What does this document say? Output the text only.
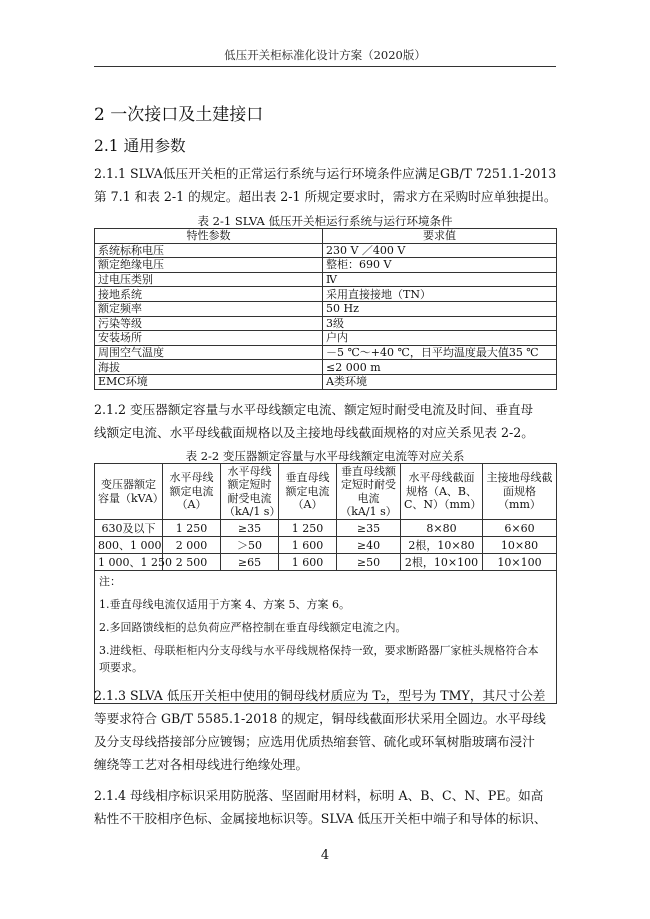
低压开关柜标准化设计方案（2020版）
2 一次接口及土建接口
2.1 通用参数
2.1.1 SLVA低压开关柜的正常运行系统与运行环境条件应满足GB/T 7251.1-2013
第 7.1 和表 2-1 的规定。超出表 2-1 所规定要求时，需求方在采购时应单独提出。
表 2-1 SLVA 低压开关柜运行系统与运行环境条件
特性参数	要求值
系统标称电压	230 V ／400 V
额定绝缘电压	整柜：690 V
过电压类别	Ⅳ
接地系统	采用直接接地（TN）
额定频率	50 Hz
污染等级	3级
安装场所	户内
周围空气温度	－5 ℃～+40 ℃，日平均温度最大值35 ℃
海拔	≤2 000 m
EMC环境	A类环境
2.1.2 变压器额定容量与水平母线额定电流、额定短时耐受电流及时间、垂直母
线额定电流、水平母线截面规格以及主接地母线截面规格的对应关系见表 2-2。
表 2-2 变压器额定容量与水平母线额定电流等对应关系
变压器额定容量（kVA）	水平母线额定电流（A）	水平母线额定短时耐受电流（kA/1 s）	垂直母线额定电流（A）	垂直母线额定短时耐受电流（kA/1 s）	水平母线截面规格（A、B、C、N）（mm）	主接地母线截面规格（mm）
630及以下	1 250	≥35	1 250	≥35	8×80	6×60
800、1 000	2 000	＞50	1 600	≥40	2根，10×80	10×80
1 000、1 250	2 500	≥65	1 600	≥50	2根，10×100	10×100

注：
1.垂直母线电流仅适用于方案 4、方案 5、方案 6。
2.多回路馈线柜的总负荷应严格控制在垂直母线额定电流之内。
3.进线柜、母联柜柜内分支母线与水平母线规格保持一致，要求断路器厂家桩头规格符合本
项要求。						
2.1.3 SLVA 低压开关柜中使用的铜母线材质应为 T₂，型号为 TMY，其尺寸公差
等要求符合 GB/T 5585.1-2018 的规定，铜母线截面形状采用全圆边。水平母线
及分支母线搭接部分应镀锡；应选用优质热缩套管、硫化或环氧树脂玻璃布浸汁
缠绕等工艺对各相母线进行绝缘处理。
2.1.4 母线相序标识采用防脱落、坚固耐用材料，标明 A、B、C、N、PE。如高
粘性不干胶相序色标、金属接地标识等。SLVA 低压开关柜中端子和导体的标识、
4
